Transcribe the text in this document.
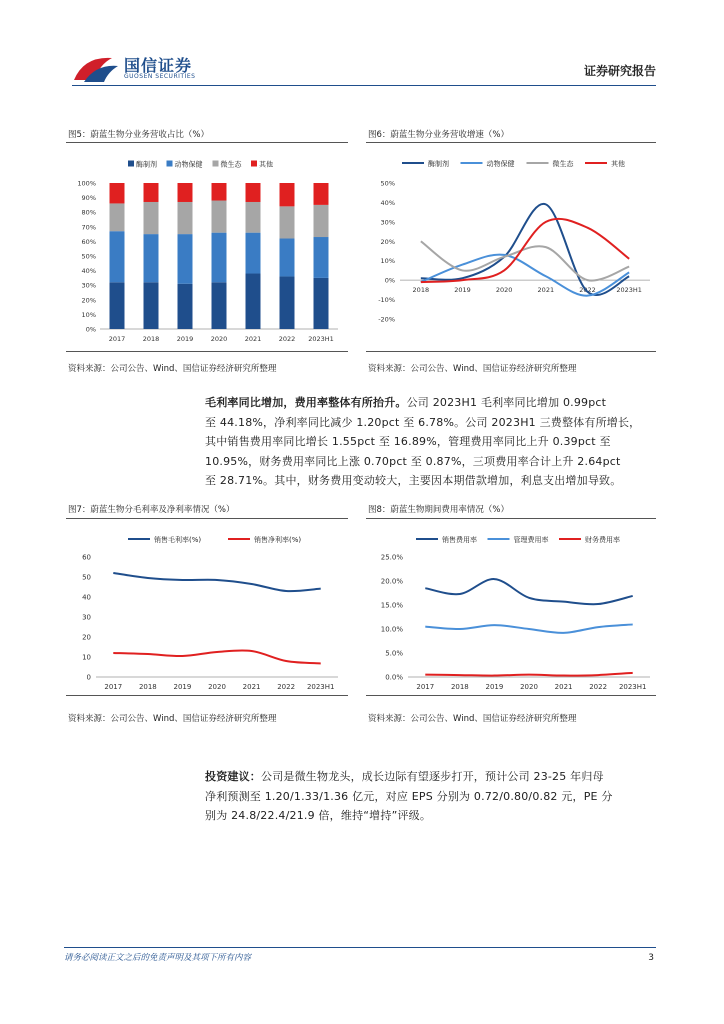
国信证券
GUOSEN SECURITIES	证券研究报告
图5：蔚蓝生物分业务营收占比（%）	图6：蔚蓝生物分业务营收增速（%）
酶制剂	动物保健	微生态	其他
0%
10%
20%
30%
40%
50%
60%
70%
80%
90%
100%
2017	2018	2019	2020	2021	2022 2023H1
酶制剂	动物保健	微生态	其他
-20%
-10%
0%
10%
20%
30%
40%
50%
2018	2019	2020	2021	2022	2023H1
资料来源：公司公告、Wind、国信证券经济研究所整理	资料来源：公司公告、Wind、国信证券经济研究所整理
毛利率同比增加，费用率整体有所抬升。公司 2023H1 毛利率同比增加 0.99pct
至 44.18%，净利率同比减少 1.20pct 至 6.78%。公司 2023H1 三费整体有所增长，
其中销售费用率同比增长 1.55pct 至 16.89%，管理费用率同比上升 0.39pct 至
10.95%，财务费用率同比上涨 0.70pct 至 0.87%，三项费用率合计上升 2.64pct
至 28.71%。其中，财务费用变动较大，主要因本期借款增加，利息支出增加导致。
图7：蔚蓝生物分毛利率及净利率情况（%）	图8：蔚蓝生物期间费用率情况（%）
销售毛利率(%)	销售净利率(%)
0
10
20
30
40
50
60
2017 2018 2019 2020 2021 2022 2023H1
销售费用率	管理费用率	财务费用率
0.0%
5.0%
10.0%
15.0%
20.0%
25.0%
2017 2018 2019 2020 2021 2022 2023H1
资料来源：公司公告、Wind、国信证券经济研究所整理	资料来源：公司公告、Wind、国信证券经济研究所整理
投资建议：公司是微生物龙头，成长边际有望逐步打开，预计公司 23-25 年归母
净利预测至 1.20/1.33/1.36 亿元，对应 EPS 分别为 0.72/0.80/0.82 元，PE 分
别为 24.8/22.4/21.9 倍，维持“增持”评级。
请务必阅读正文之后的免责声明及其项下所有内容	3
